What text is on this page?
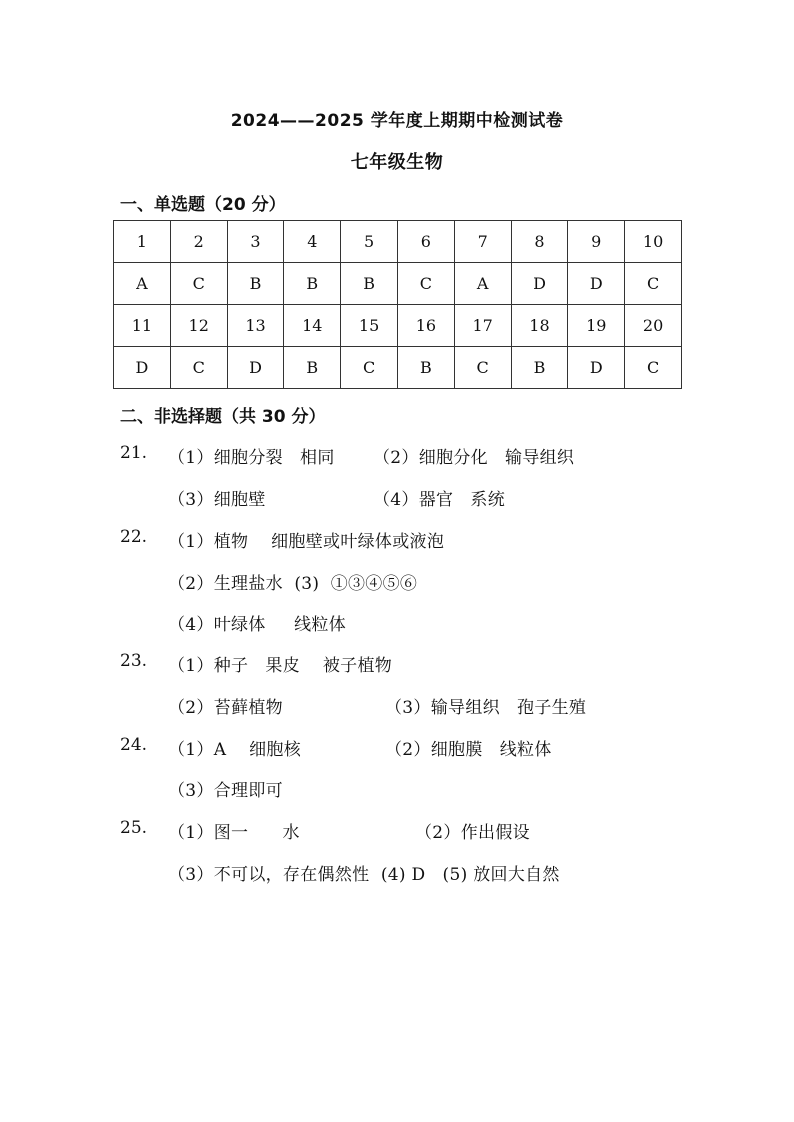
2024——2025 学年度上期期中检测试卷
七年级生物
一、单选题（20 分）
1	2	3	4	5	6	7	8	9	10
A	C	B	B	B	C	A	D	D	C
11	12	13	14	15	16	17	18	19	20
D	C	D	B	C	B	C	B	D	C
二、非选择题（共 30 分）
21. （1）细胞分裂   相同 （2）细胞分化   输导组织
（3）细胞壁	（4）器官   系统
22. （1）植物    细胞壁或叶绿体或液泡
（2）生理盐水  (3)  ①③④⑤⑥
（4）叶绿体     线粒体
23. （1）种子   果皮    被子植物
（2）苔藓植物	（3）输导组织   孢子生殖
24. （1）A    细胞核	（2）细胞膜   线粒体
（3）合理即可
25. （1）图一      水	（2）作出假设
（3）不可以，存在偶然性  (4) D   (5) 放回大自然
